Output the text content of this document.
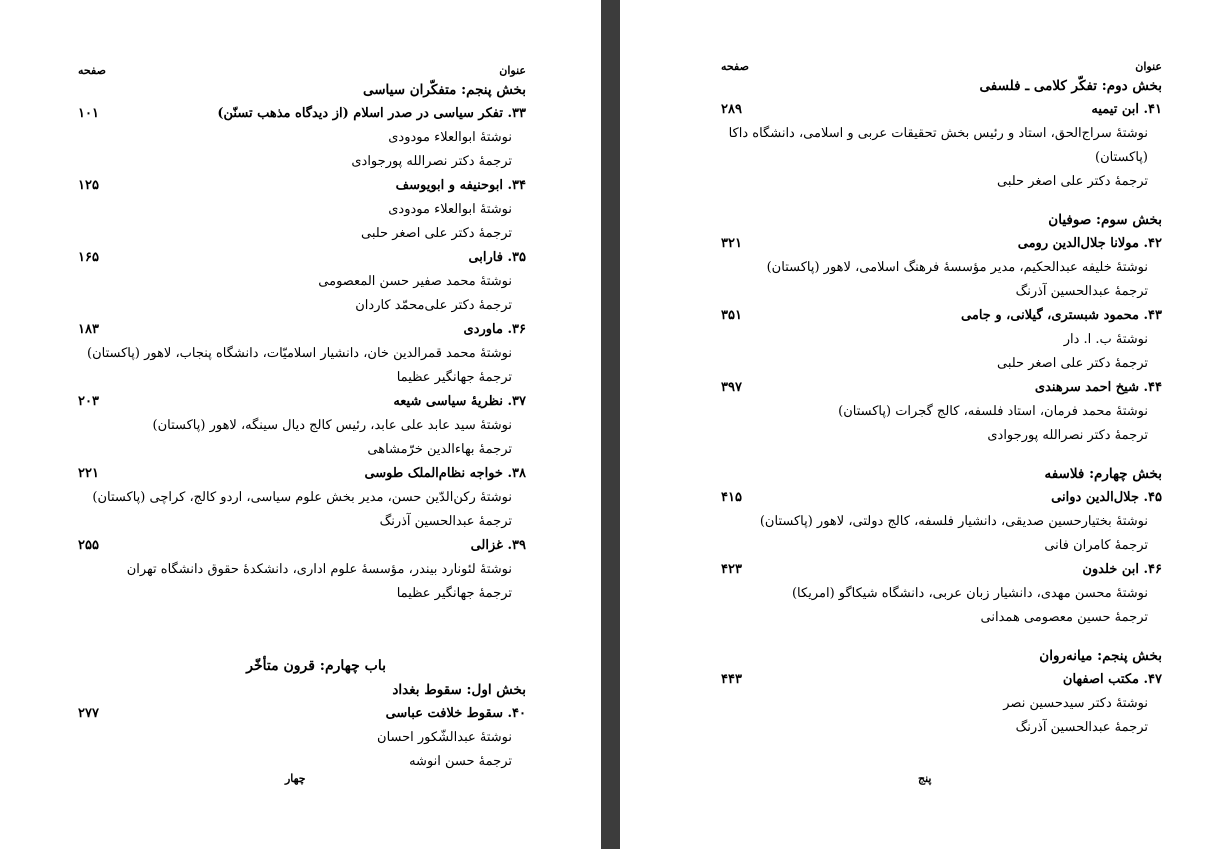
عنوان
صفحه
بخش پنجم: متفکّران سیاسی
۳۳. تفکر سیاسی در صدر اسلام (از دیدگاه مذهب تسنّن)
۱۰۱
نوشتهٔ ابوالعلاء مودودی
ترجمهٔ دکتر نصرالله پورجوادی
۳۴. ابوحنیفه و ابویوسف
۱۲۵
نوشتهٔ ابوالعلاء مودودی
ترجمهٔ دکتر علی اصغر حلبی
۳۵. فارابی
۱۶۵
نوشتهٔ محمد صفیر حسن المعصومی
ترجمهٔ دکتر علی‌محمّد کاردان
۳۶. ماوردی
۱۸۳
نوشتهٔ محمد قمرالدین خان، دانشیار اسلامیّات، دانشگاه پنجاب، لاهور (پاکستان)
ترجمهٔ جهانگیر عظیما
۳۷. نظریهٔ سیاسی شیعه
۲۰۳
نوشتهٔ سید عابد علی عابد، رئیس کالج دیال سینگه، لاهور (پاکستان)
ترجمهٔ بهاءالدین خرّمشاهی
۳۸. خواجه نظام‌الملک طوسی
۲۲۱
نوشتهٔ رکن‌الدّین حسن، مدیر بخش علوم سیاسی، اردو کالج، کراچی (پاکستان)
ترجمهٔ عبدالحسین آذرنگ
۳۹. غزالی
۲۵۵
نوشتهٔ لئونارد بیندر، مؤسسهٔ علوم اداری، دانشکدهٔ حقوق دانشگاه تهران
ترجمهٔ جهانگیر عظیما
باب چهارم: قرون متأخّر
بخش اول: سقوط بغداد
۴۰. سقوط خلافت عباسی
۲۷۷
نوشتهٔ عبدالشّکور احسان
ترجمهٔ حسن انوشه
چهار
عنوان
صفحه
بخش دوم: تفکّر کلامی ـ فلسفی
۴۱. ابن تیمیه
۲۸۹
نوشتهٔ سراج‌الحق، استاد و رئیس بخش تحقیقات عربی و اسلامی، دانشگاه داکا (پاکستان)
ترجمهٔ دکتر علی اصغر حلبی
بخش سوم: صوفیان
۴۲. مولانا جلال‌الدین رومی
۳۲۱
نوشتهٔ خلیفه عبدالحکیم، مدیر مؤسسهٔ فرهنگ اسلامی، لاهور (پاکستان)
ترجمهٔ عبدالحسین آذرنگ
۴۳. محمود شبستری، گیلانی، و جامی
۳۵۱
نوشتهٔ ب. ا. دار
ترجمهٔ دکتر علی اصغر حلبی
۴۴. شیخ احمد سرهندی
۳۹۷
نوشتهٔ محمد فرمان، استاد فلسفه، کالج گجرات (پاکستان)
ترجمهٔ دکتر نصرالله پورجوادی
بخش چهارم: فلاسفه
۴۵. جلال‌الدین دوانی
۴۱۵
نوشتهٔ بختیارحسین صدیقی، دانشیار فلسفه، کالج دولتی، لاهور (پاکستان)
ترجمهٔ کامران فانی
۴۶. ابن خلدون
۴۲۳
نوشتهٔ محسن مهدی، دانشیار زبان عربی، دانشگاه شیکاگو (امریکا)
ترجمهٔ حسین معصومی همدانی
بخش پنجم: میانه‌روان
۴۷. مکتب اصفهان
۴۴۳
نوشتهٔ دکتر سیدحسین نصر
ترجمهٔ عبدالحسین آذرنگ
پنج
